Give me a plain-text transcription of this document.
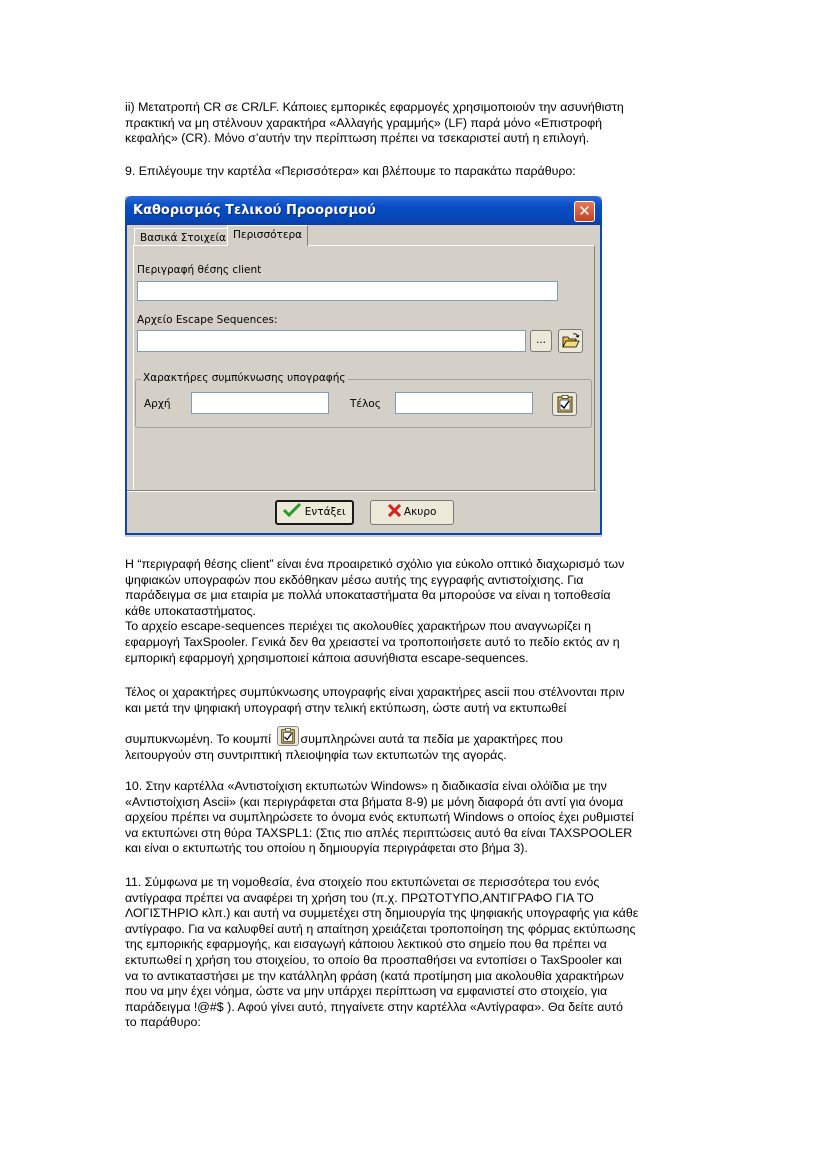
ii) Μετατροπή CR σε CR/LF. Κάποιες εμπορικές εφαρμογές χρησιμοποιούν την ασυνήθιστη
πρακτική να μη στέλνουν χαρακτήρα «Αλλαγής γραμμής» (LF) παρά μόνο «Επιστροφή
κεφαλής» (CR). Μόνο σ’αυτήν την περίπτωση πρέπει να τσεκαριστεί αυτή η επιλογή.
9. Επιλέγουμε την καρτέλα «Περισσότερα» και βλέπουμε το παρακάτω παράθυρο:
Καθορισμός Τελικού Προορισμού	✕
Βασικά Στοιχεία Περισσότερα
Περιγραφή θέσης client
Αρχείο Escape Sequences:
...
Χαρακτήρες συμπύκνωσης υπογραφής
Αρχή	Τέλος
Εντάξει	Ακυρο
Η “περιγραφή θέσης client” είναι ένα προαιρετικό σχόλιο για εύκολο οπτικό διαχωρισμό των
ψηφιακών υπογραφών που εκδόθηκαν μέσω αυτής της εγγραφής αντιστοίχισης. Για
παράδειγμα σε μια εταιρία με πολλά υποκαταστήματα θα μπορούσε να είναι η τοποθεσία
κάθε υποκαταστήματος.
Το αρχείο escape-sequences περιέχει τις ακολουθίες χαρακτήρων που αναγνωρίζει η
εφαρμογή TaxSpooler. Γενικά δεν θα χρειαστεί να τροποποιήσετε αυτό το πεδίο εκτός αν η
εμπορική εφαρμογή χρησιμοποιεί κάποια ασυνήθιστα escape-sequences.
Τέλος οι χαρακτήρες συμπύκνωσης υπογραφής είναι χαρακτήρες ascii που στέλνονται πριν
και μετά την ψηφιακή υπογραφή στην τελική εκτύπωση, ώστε αυτή να εκτυπωθεί
συμπυκνωμένη. Το κουμπί συμπληρώνει αυτά τα πεδία με χαρακτήρες που
λειτουργούν στη συντριπτική πλειοψηφία των εκτυπωτών της αγοράς.
10. Στην καρτέλλα «Αντιστοίχιση εκτυπωτών Windows» η διαδικασία είναι ολόϊδια με την
«Αντιστοίχιση Ascii» (και περιγράφεται στα βήματα 8-9) με μόνη διαφορά ότι αντί για όνομα
αρχείου πρέπει να συμπληρώσετε το όνομα ενός εκτυπωτή Windows ο οποίος έχει ρυθμιστεί
να εκτυπώνει στη θύρα TAXSPL1: (Στις πιο απλές περιπτώσεις αυτό θα είναι TAXSPOOLER
και είναι ο εκτυπωτής του οποίου η δημιουργία περιγράφεται στο βήμα 3).
11. Σύμφωνα με τη νομοθεσία, ένα στοιχείο που εκτυπώνεται σε περισσότερα του ενός
αντίγραφα πρέπει να αναφέρει τη χρήση του (π.χ. ΠΡΩΤΟΤΥΠΟ,ΑΝΤΙΓΡΑΦΟ ΓΙΑ ΤΟ
ΛΟΓΙΣΤΗΡΙΟ κλπ.) και αυτή να συμμετέχει στη δημιουργία της ψηφιακής υπογραφής για κάθε
αντίγραφο. Για να καλυφθεί αυτή η απαίτηση χρειάζεται τροποποίηση της φόρμας εκτύπωσης
της εμπορικής εφαρμογής, και εισαγωγή κάποιου λεκτικού στο σημείο που θα πρέπει να
εκτυπωθεί η χρήση του στοιχείου, το οποίο θα προσπαθήσει να εντοπίσει ο TaxSpooler και
να το αντικαταστήσει με την κατάλληλη φράση (κατά προτίμηση μια ακολουθία χαρακτήρων
που να μην έχει νόημα, ώστε να μην υπάρχει περίπτωση να εμφανιστεί στο στοιχείο, για
παράδειγμα !@#$ ). Αφού γίνει αυτό, πηγαίνετε στην καρτέλλα «Αντίγραφα». Θα δείτε αυτό
το παράθυρο:
